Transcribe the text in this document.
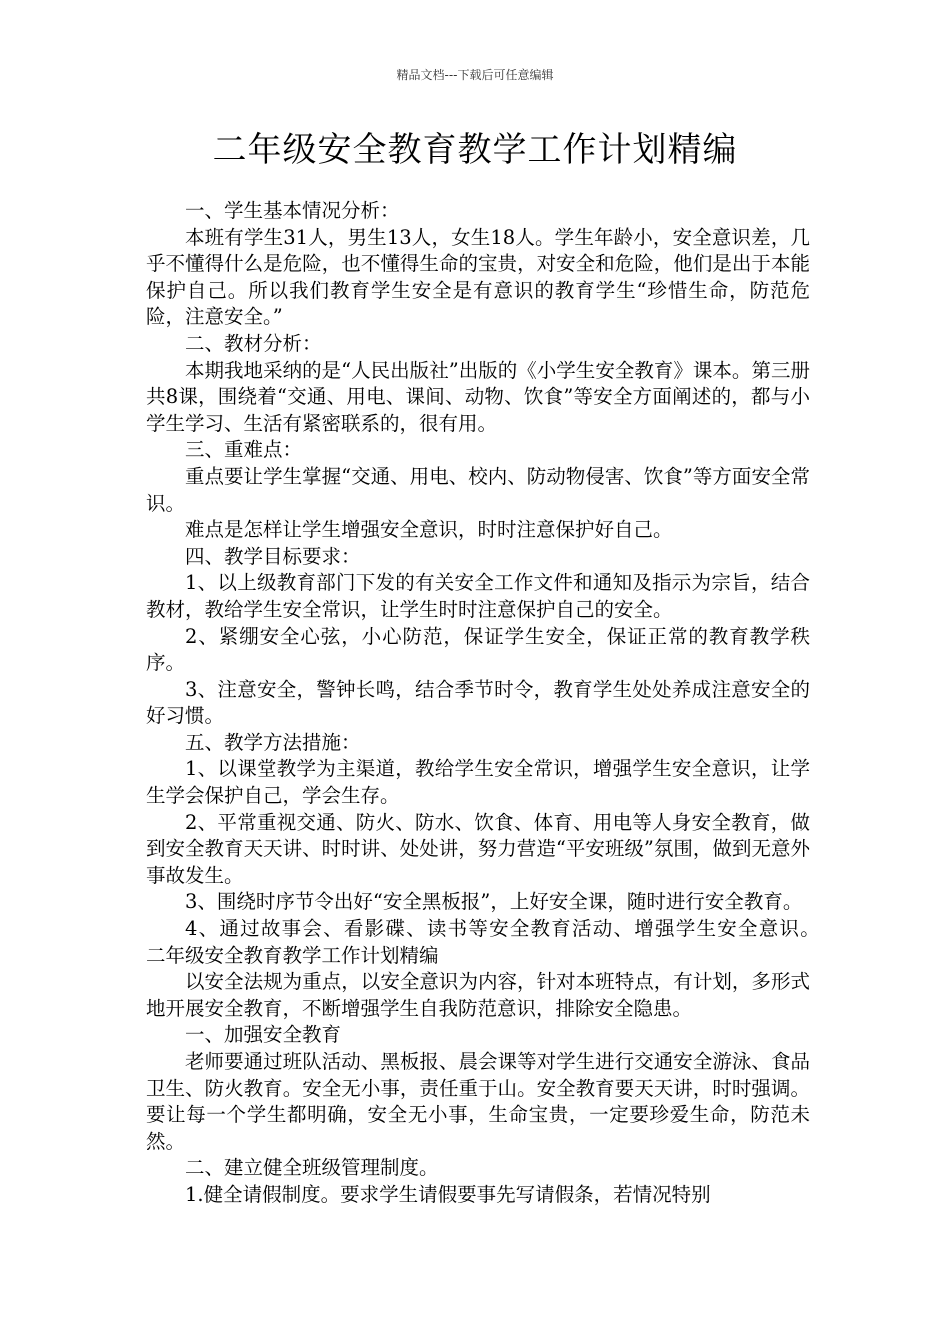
精品文档---下载后可任意编辑
二年级安全教育教学工作计划精编

一、学生基本情况分析：

本班有学生31人，男生13人，女生18人。学生年龄小，安全意识差，几乎不懂得什么是危险，也不懂得生命的宝贵，对安全和危险，他们是出于本能保护自己。所以我们教育学生安全是有意识的教育学生“珍惜生命，防范危险，注意安全。”

二、教材分析：

本期我地采纳的是“人民出版社”出版的《小学生安全教育》课本。第三册共8课，围绕着“交通、用电、课间、动物、饮食”等安全方面阐述的，都与小学生学习、生活有紧密联系的，很有用。

三、重难点：

重点要让学生掌握“交通、用电、校内、防动物侵害、饮食”等方面安全常识。

难点是怎样让学生增强安全意识，时时注意保护好自己。

四、教学目标要求：

1、以上级教育部门下发的有关安全工作文件和通知及指示为宗旨，结合教材，教给学生安全常识，让学生时时注意保护自己的安全。

2、紧绷安全心弦，小心防范，保证学生安全，保证正常的教育教学秩序。

3、注意安全，警钟长鸣，结合季节时令，教育学生处处养成注意安全的好习惯。

五、教学方法措施：

1、以课堂教学为主渠道，教给学生安全常识，增强学生安全意识，让学生学会保护自己，学会生存。

2、平常重视交通、防火、防水、饮食、体育、用电等人身安全教育，做到安全教育天天讲、时时讲、处处讲，努力营造“平安班级”氛围，做到无意外事故发生。

3、围绕时序节令出好“安全黑板报”，上好安全课，随时进行安全教育。

4、通过故事会、看影碟、读书等安全教育活动、增强学生安全意识。　　二年级安全教育教学工作计划精编

以安全法规为重点，以安全意识为内容，针对本班特点，有计划，多形式地开展安全教育，不断增强学生自我防范意识，排除安全隐患。

一、加强安全教育

老师要通过班队活动、黑板报、晨会课等对学生进行交通安全游泳、食品卫生、防火教育。安全无小事，责任重于山。安全教育要天天讲，时时强调。要让每一个学生都明确，安全无小事，生命宝贵，一定要珍爱生命，防范未然。

二、建立健全班级管理制度。

1.健全请假制度。要求学生请假要事先写请假条，若情况特别
